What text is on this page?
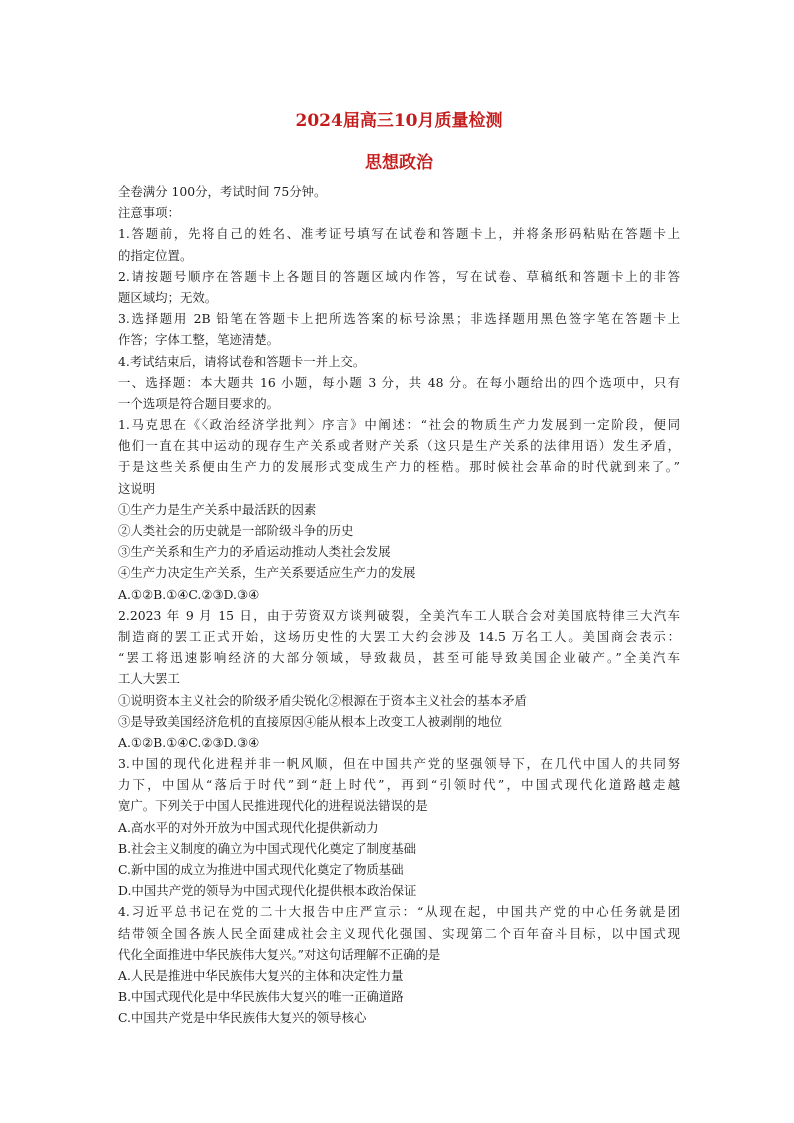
2024届高三10月质量检测
思想政治
全卷满分 100分，考试时间 75分钟。
注意事项：
1.答题前，先将自己的姓名、准考证号填写在试卷和答题卡上，并将条形码粘贴在答题卡上
的指定位置。
2.请按题号顺序在答题卡上各题目的答题区域内作答，写在试卷、草稿纸和答题卡上的非答
题区域均；无效。
3.选择题用 2B 铅笔在答题卡上把所选答案的标号涂黑；非选择题用黑色签字笔在答题卡上
作答；字体工整，笔迹清楚。
4.考试结束后，请将试卷和答题卡一并上交。
一、选择题：本大题共 16 小题，每小题 3 分，共 48 分。在每小题给出的四个选项中，只有
一个选项是符合题目要求的。
1.马克思在《〈政治经济学批判〉序言》中阐述：“社会的物质生产力发展到一定阶段，便同
他们一直在其中运动的现存生产关系或者财产关系（这只是生产关系的法律用语）发生矛盾，
于是这些关系便由生产力的发展形式变成生产力的桎梏。那时候社会革命的时代就到来了。”
这说明
①生产力是生产关系中最活跃的因素
②人类社会的历史就是一部阶级斗争的历史
③生产关系和生产力的矛盾运动推动人类社会发展
④生产力决定生产关系，生产关系要适应生产力的发展
A.①②B.①④C.②③D.③④
2.2023 年 9 月 15 日，由于劳资双方谈判破裂，全美汽车工人联合会对美国底特律三大汽车
制造商的罢工正式开始，这场历史性的大罢工大约会涉及 14.5 万名工人。美国商会表示：
“罢工将迅速影响经济的大部分领域，导致裁员，甚至可能导致美国企业破产。”全美汽车
工人大罢工
①说明资本主义社会的阶级矛盾尖锐化②根源在于资本主义社会的基本矛盾
③是导致美国经济危机的直接原因④能从根本上改变工人被剥削的地位
A.①②B.①④C.②③D.③④
3.中国的现代化进程并非一帆风顺，但在中国共产党的坚强领导下，在几代中国人的共同努
力下，中国从“落后于时代”到“赶上时代”，再到“引领时代”，中国式现代化道路越走越
宽广。下列关于中国人民推进现代化的进程说法错误的是
A.高水平的对外开放为中国式现代化提供新动力
B.社会主义制度的确立为中国式现代化奠定了制度基础
C.新中国的成立为推进中国式现代化奠定了物质基础
D.中国共产党的领导为中国式现代化提供根本政治保证
4.习近平总书记在党的二十大报告中庄严宣示：“从现在起，中国共产党的中心任务就是团
结带领全国各族人民全面建成社会主义现代化强国、实现第二个百年奋斗目标，以中国式现
代化全面推进中华民族伟大复兴。”对这句话理解不正确的是
A.人民是推进中华民族伟大复兴的主体和决定性力量
B.中国式现代化是中华民族伟大复兴的唯一正确道路
C.中国共产党是中华民族伟大复兴的领导核心
